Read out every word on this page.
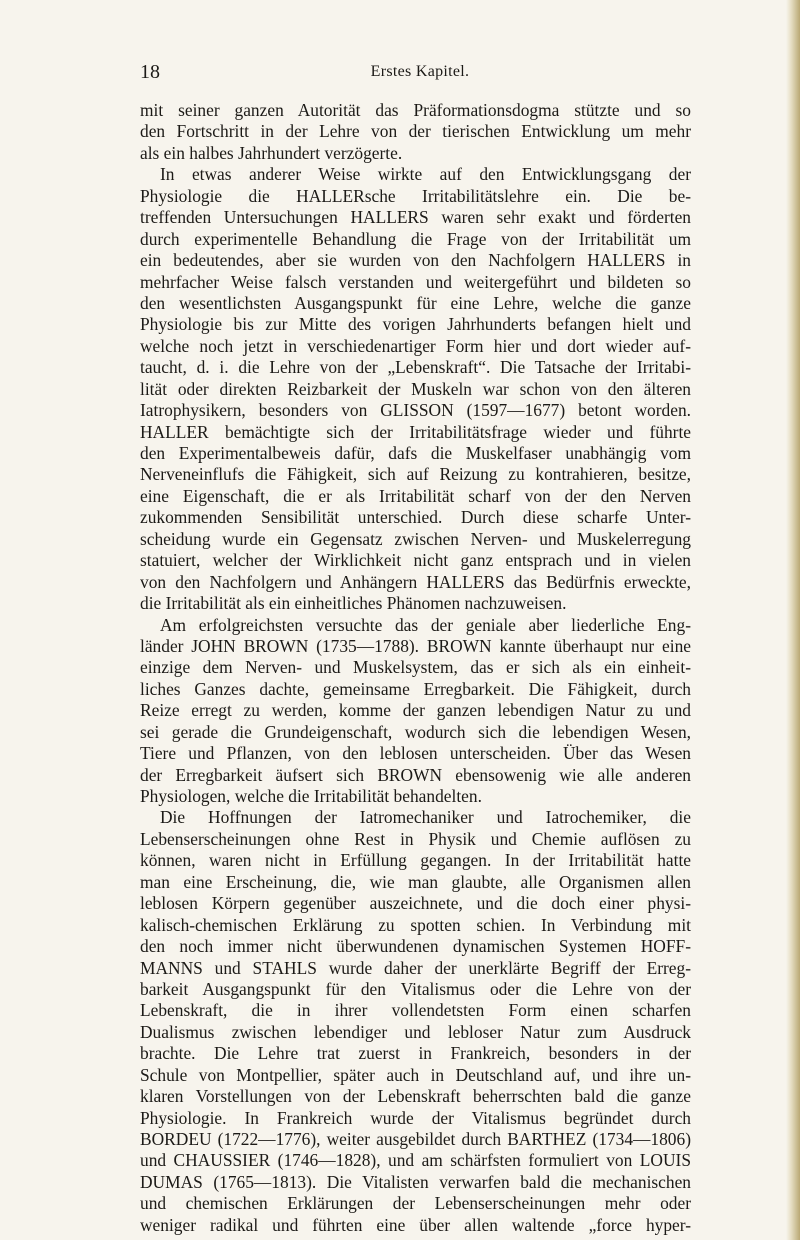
18	Erstes Kapitel.
mit seiner ganzen Autorität das Präformationsdogma stützte und so
den Fortschritt in der Lehre von der tierischen Entwicklung um mehr
als ein halbes Jahrhundert verzögerte.
In etwas anderer Weise wirkte auf den Entwicklungsgang der
Physiologie die HALLERsche Irritabilitätslehre ein. Die be-
treffenden Untersuchungen HALLERS waren sehr exakt und förderten
durch experimentelle Behandlung die Frage von der Irritabilität um
ein bedeutendes, aber sie wurden von den Nachfolgern HALLERS in
mehrfacher Weise falsch verstanden und weitergeführt und bildeten so
den wesentlichsten Ausgangspunkt für eine Lehre, welche die ganze
Physiologie bis zur Mitte des vorigen Jahrhunderts befangen hielt und
welche noch jetzt in verschiedenartiger Form hier und dort wieder auf-
taucht, d. i. die Lehre von der „Lebenskraft“. Die Tatsache der Irritabi-
lität oder direkten Reizbarkeit der Muskeln war schon von den älteren
Iatrophysikern, besonders von GLISSON (1597—1677) betont worden.
HALLER bemächtigte sich der Irritabilitätsfrage wieder und führte
den Experimentalbeweis dafür, dafs die Muskelfaser unabhängig vom
Nerveneinflufs die Fähigkeit, sich auf Reizung zu kontrahieren, besitze,
eine Eigenschaft, die er als Irritabilität scharf von der den Nerven
zukommenden Sensibilität unterschied. Durch diese scharfe Unter-
scheidung wurde ein Gegensatz zwischen Nerven- und Muskelerregung
statuiert, welcher der Wirklichkeit nicht ganz entsprach und in vielen
von den Nachfolgern und Anhängern HALLERS das Bedürfnis erweckte,
die Irritabilität als ein einheitliches Phänomen nachzuweisen.
Am erfolgreichsten versuchte das der geniale aber liederliche Eng-
länder JOHN BROWN (1735—1788). BROWN kannte überhaupt nur eine
einzige dem Nerven- und Muskelsystem, das er sich als ein einheit-
liches Ganzes dachte, gemeinsame Erregbarkeit. Die Fähigkeit, durch
Reize erregt zu werden, komme der ganzen lebendigen Natur zu und
sei gerade die Grundeigenschaft, wodurch sich die lebendigen Wesen,
Tiere und Pflanzen, von den leblosen unterscheiden. Über das Wesen
der Erregbarkeit äufsert sich BROWN ebensowenig wie alle anderen
Physiologen, welche die Irritabilität behandelten.
Die Hoffnungen der Iatromechaniker und Iatrochemiker, die
Lebenserscheinungen ohne Rest in Physik und Chemie auflösen zu
können, waren nicht in Erfüllung gegangen. In der Irritabilität hatte
man eine Erscheinung, die, wie man glaubte, alle Organismen allen
leblosen Körpern gegenüber auszeichnete, und die doch einer physi-
kalisch-chemischen Erklärung zu spotten schien. In Verbindung mit
den noch immer nicht überwundenen dynamischen Systemen HOFF-
MANNS und STAHLS wurde daher der unerklärte Begriff der Erreg-
barkeit Ausgangspunkt für den Vitalismus oder die Lehre von der
Lebenskraft, die in ihrer vollendetsten Form einen scharfen
Dualismus zwischen lebendiger und lebloser Natur zum Ausdruck
brachte. Die Lehre trat zuerst in Frankreich, besonders in der
Schule von Montpellier, später auch in Deutschland auf, und ihre un-
klaren Vorstellungen von der Lebenskraft beherrschten bald die ganze
Physiologie. In Frankreich wurde der Vitalismus begründet durch
BORDEU (1722—1776), weiter ausgebildet durch BARTHEZ (1734—1806)
und CHAUSSIER (1746—1828), und am schärfsten formuliert von LOUIS
DUMAS (1765—1813). Die Vitalisten verwarfen bald die mechanischen
und chemischen Erklärungen der Lebenserscheinungen mehr oder
weniger radikal und führten eine über allen waltende „force hyper-
